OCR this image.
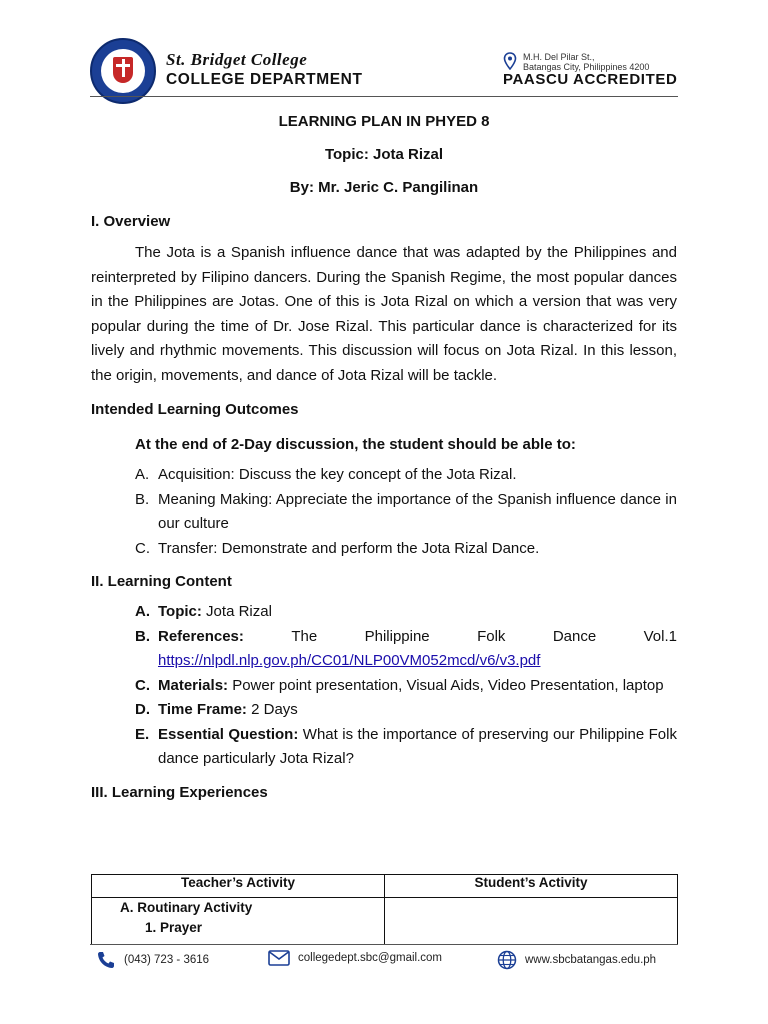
St. Bridget College
COLLEGE DEPARTMENT
M.H. Del Pilar St.,
Batangas City, Philippines 4200
PAASCU ACCREDITED

LEARNING PLAN IN PHYED 8

Topic: Jota Rizal

By: Mr. Jeric C. Pangilinan

I. Overview

The Jota is a Spanish influence dance that was adapted by the Philippines and reinterpreted by Filipino dancers. During the Spanish Regime, the most popular dances in the Philippines are Jotas. One of this is Jota Rizal on which a version that was very popular during the time of Dr. Jose Rizal. This particular dance is characterized for its lively and rhythmic movements. This discussion will focus on Jota Rizal. In this lesson, the origin, movements, and dance of Jota Rizal will be tackle.

Intended Learning Outcomes

At the end of 2-Day discussion, the student should be able to:

A. Acquisition: Discuss the key concept of the Jota Rizal.
B. Meaning Making: Appreciate the importance of the Spanish influence dance in our culture
C. Transfer: Demonstrate and perform the Jota Rizal Dance.

II. Learning Content

A. Topic: Jota Rizal
B. References:	The	Philippine	Folk	Dance	Vol.1
https://nlpdl.nlp.gov.ph/CC01/NLP00VM052mcd/v6/v3.pdf
C. Materials: Power point presentation, Visual Aids, Video Presentation, laptop
D. Time Frame: 2 Days
E. Essential Question: What is the importance of preserving our Philippine Folk dance particularly Jota Rizal?

III. Learning Experiences

Teacher’s Activity	Student’s Activity

A. Routinary Activity
1. Prayer	

(043) 723 - 3616	collegedept.sbc@gmail.com	www.sbcbatangas.edu.ph
